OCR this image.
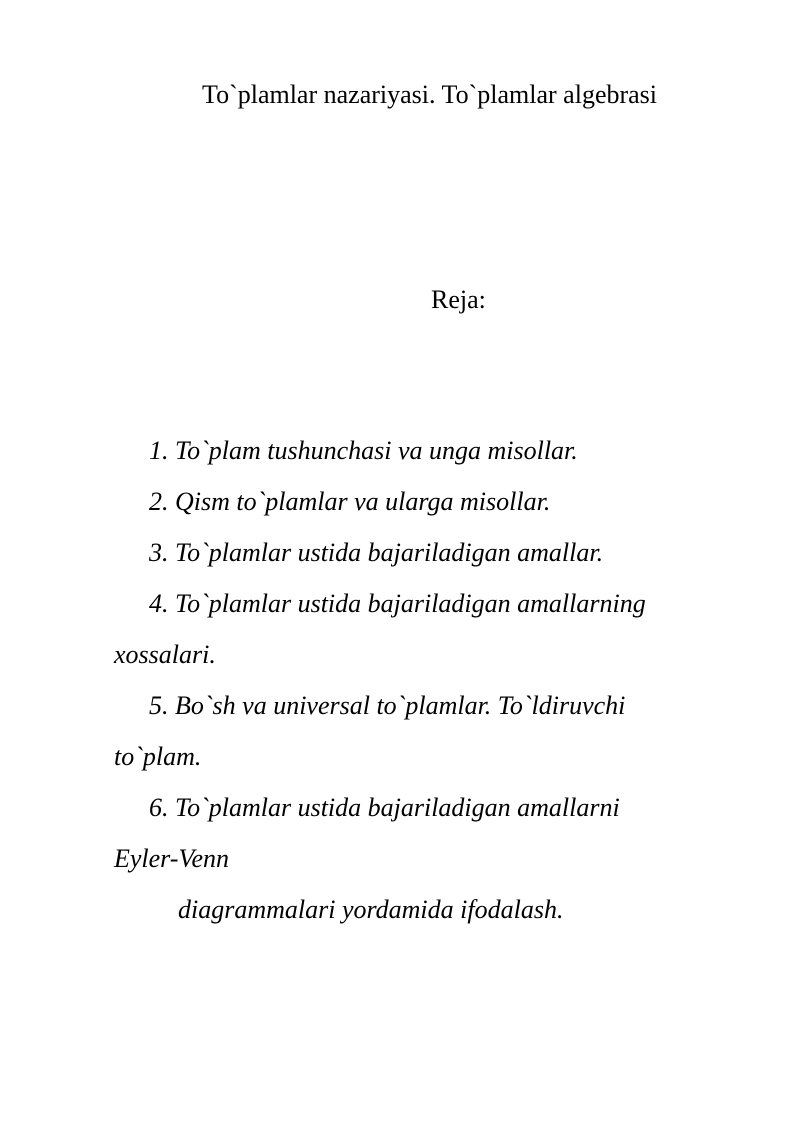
To`plamlar nazariyasi. To`plamlar algebrasi
Reja:
1. To`plam tushunchasi va unga misollar.
2. Qism to`plamlar va ularga misollar.
3. To`plamlar ustida bajariladigan amallar.
4. To`plamlar ustida bajariladigan amallarning
xossalari.
5. Bo`sh va universal to`plamlar. To`ldiruvchi
to`plam.
6. To`plamlar ustida bajariladigan amallarni
Eyler-Venn
diagrammalari yordamida ifodalash.
